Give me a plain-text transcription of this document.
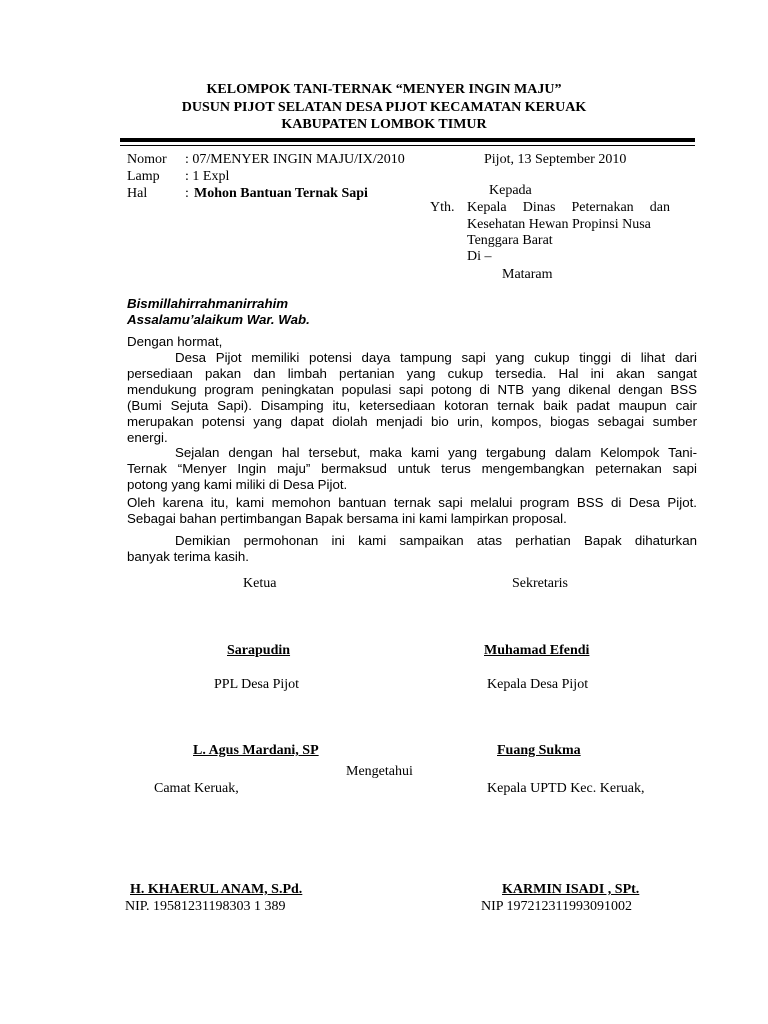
KELOMPOK TANI-TERNAK “MENYER INGIN MAJU”
DUSUN PIJOT SELATAN DESA PIJOT KECAMATAN KERUAK
KABUPATEN LOMBOK TIMUR
Nomor : 07/MENYER INGIN MAJU/IX/2010	Pijot, 13 September 2010
Lamp : 1 Expl
Hal	: Mohon Bantuan Ternak Sapi	Kepada
Yth. Kepala Dinas Peternakan dan
Kesehatan Hewan Propinsi Nusa
Tenggara Barat
Di –
Mataram
Bismillahirrahmanirrahim
Assalamu’alaikum War. Wab.
Dengan hormat,
Desa Pijot memiliki potensi daya tampung sapi yang cukup tinggi di lihat dari
persediaan pakan dan limbah pertanian yang cukup tersedia. Hal ini akan sangat
mendukung program peningkatan populasi sapi potong di NTB yang dikenal dengan BSS
(Bumi Sejuta Sapi). Disamping itu, ketersediaan kotoran ternak baik padat maupun cair
merupakan potensi yang dapat diolah menjadi bio urin, kompos, biogas sebagai sumber
energi.
Sejalan dengan hal tersebut, maka kami yang tergabung dalam Kelompok Tani-
Ternak “Menyer Ingin maju” bermaksud untuk terus mengembangkan peternakan sapi
potong yang kami miliki di Desa Pijot.
Oleh karena itu, kami memohon bantuan ternak sapi melalui program BSS di Desa Pijot.
Sebagai bahan pertimbangan Bapak bersama ini kami lampirkan proposal.
Demikian permohonan ini kami sampaikan atas perhatian Bapak dihaturkan
banyak terima kasih.
Ketua	Sekretaris
Sarapudin	Muhamad Efendi
PPL Desa Pijot	Kepala Desa Pijot
L. Agus Mardani, SP	Fuang Sukma
Mengetahui
Camat Keruak,	Kepala UPTD Kec. Keruak,
H. KHAERUL ANAM, S.Pd.	KARMIN ISADI , SPt.
NIP. 19581231198303 1 389	NIP 197212311993091002
